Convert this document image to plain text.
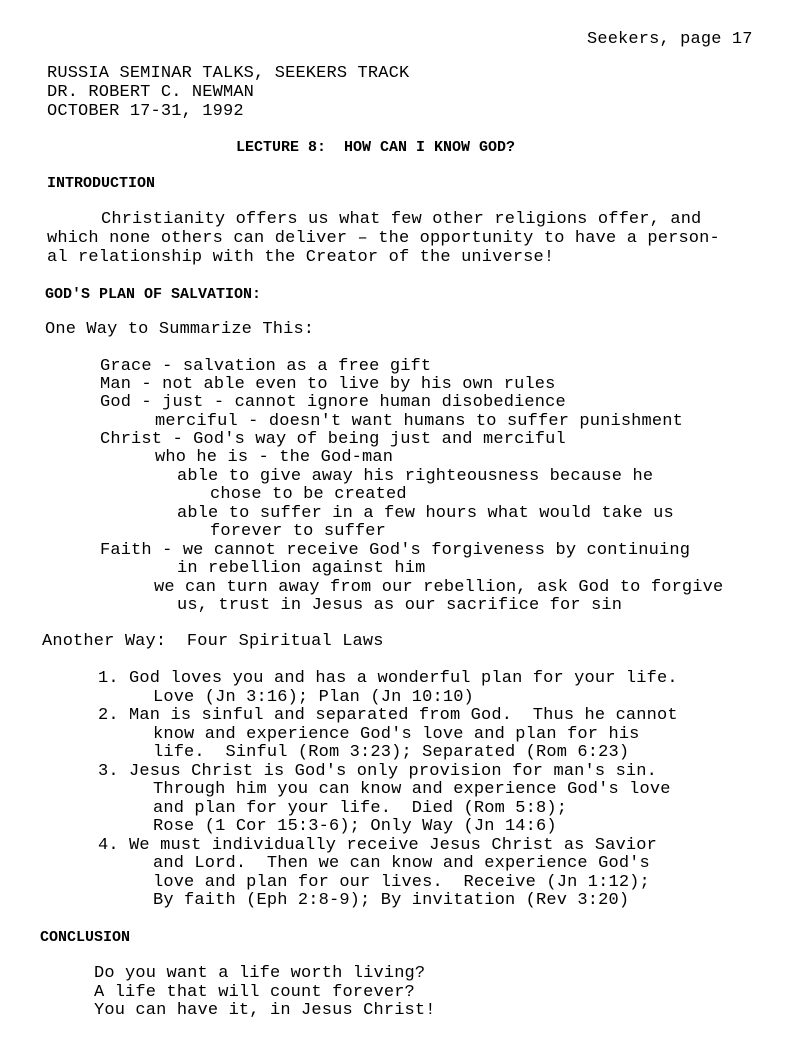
Seekers, page 17
RUSSIA SEMINAR TALKS, SEEKERS TRACK
DR. ROBERT C. NEWMAN
OCTOBER 17-31, 1992
LECTURE 8:  HOW CAN I KNOW GOD?
INTRODUCTION
Christianity offers us what few other religions offer, and
which none others can deliver – the opportunity to have a person-
al relationship with the Creator of the universe!
GOD'S PLAN OF SALVATION:
One Way to Summarize This:
Grace - salvation as a free gift
Man - not able even to live by his own rules
God - just - cannot ignore human disobedience
merciful - doesn't want humans to suffer punishment
Christ - God's way of being just and merciful
who he is - the God-man
able to give away his righteousness because he
chose to be created
able to suffer in a few hours what would take us
forever to suffer
Faith - we cannot receive God's forgiveness by continuing
in rebellion against him
we can turn away from our rebellion, ask God to forgive
us, trust in Jesus as our sacrifice for sin
Another Way:  Four Spiritual Laws
1. God loves you and has a wonderful plan for your life.
Love (Jn 3:16); Plan (Jn 10:10)
2. Man is sinful and separated from God.  Thus he cannot
know and experience God's love and plan for his
life.  Sinful (Rom 3:23); Separated (Rom 6:23)
3. Jesus Christ is God's only provision for man's sin.
Through him you can know and experience God's love
and plan for your life.  Died (Rom 5:8);
Rose (1 Cor 15:3-6); Only Way (Jn 14:6)
4. We must individually receive Jesus Christ as Savior
and Lord.  Then we can know and experience God's
love and plan for our lives.  Receive (Jn 1:12);
By faith (Eph 2:8-9); By invitation (Rev 3:20)
CONCLUSION
Do you want a life worth living?
A life that will count forever?
You can have it, in Jesus Christ!
